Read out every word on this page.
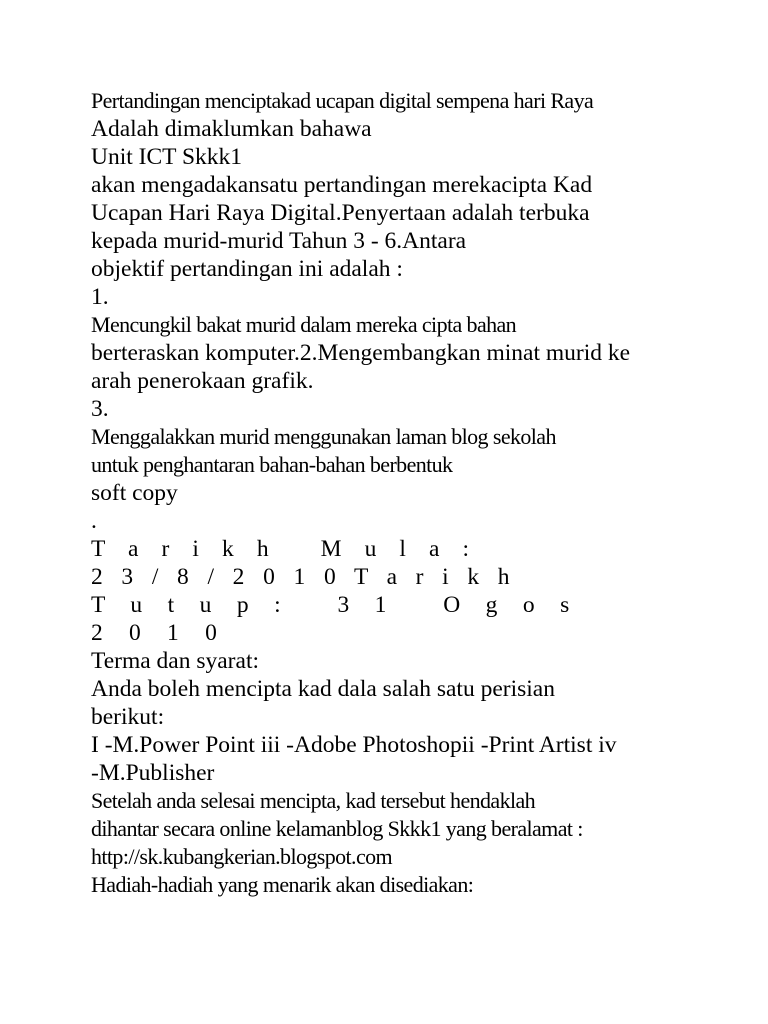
Pertandingan menciptakad ucapan digital sempena hari Raya
Adalah dimaklumkan bahawa
Unit ICT Skkk1
akan mengadakansatu pertandingan merekacipta Kad
Ucapan Hari Raya Digital.Penyertaan adalah terbuka
kepada murid-murid Tahun 3 - 6.Antara
objektif pertandingan ini adalah :
1.
Mencungkil bakat murid dalam mereka cipta bahan
berteraskan komputer.2.Mengembangkan minat murid ke
arah penerokaan grafik.
3.
Menggalakkan murid menggunakan laman blog sekolah
untuk penghantaran bahan-bahan berbentuk
soft copy
.
T a r i k h   M u l a :
2 3 / 8 / 2 0 1 0 T a r i k h
T u t u p :   3 1   O g o s
2 0 1 0
Terma dan syarat:
Anda boleh mencipta kad dala salah satu perisian
berikut:
I -M.Power Point iii -Adobe Photoshopii -Print Artist iv
-M.Publisher
Setelah anda selesai mencipta, kad tersebut hendaklah
dihantar secara online kelamanblog Skkk1 yang beralamat :
http://sk.kubangkerian.blogspot.com
Hadiah-hadiah yang menarik akan disediakan:
